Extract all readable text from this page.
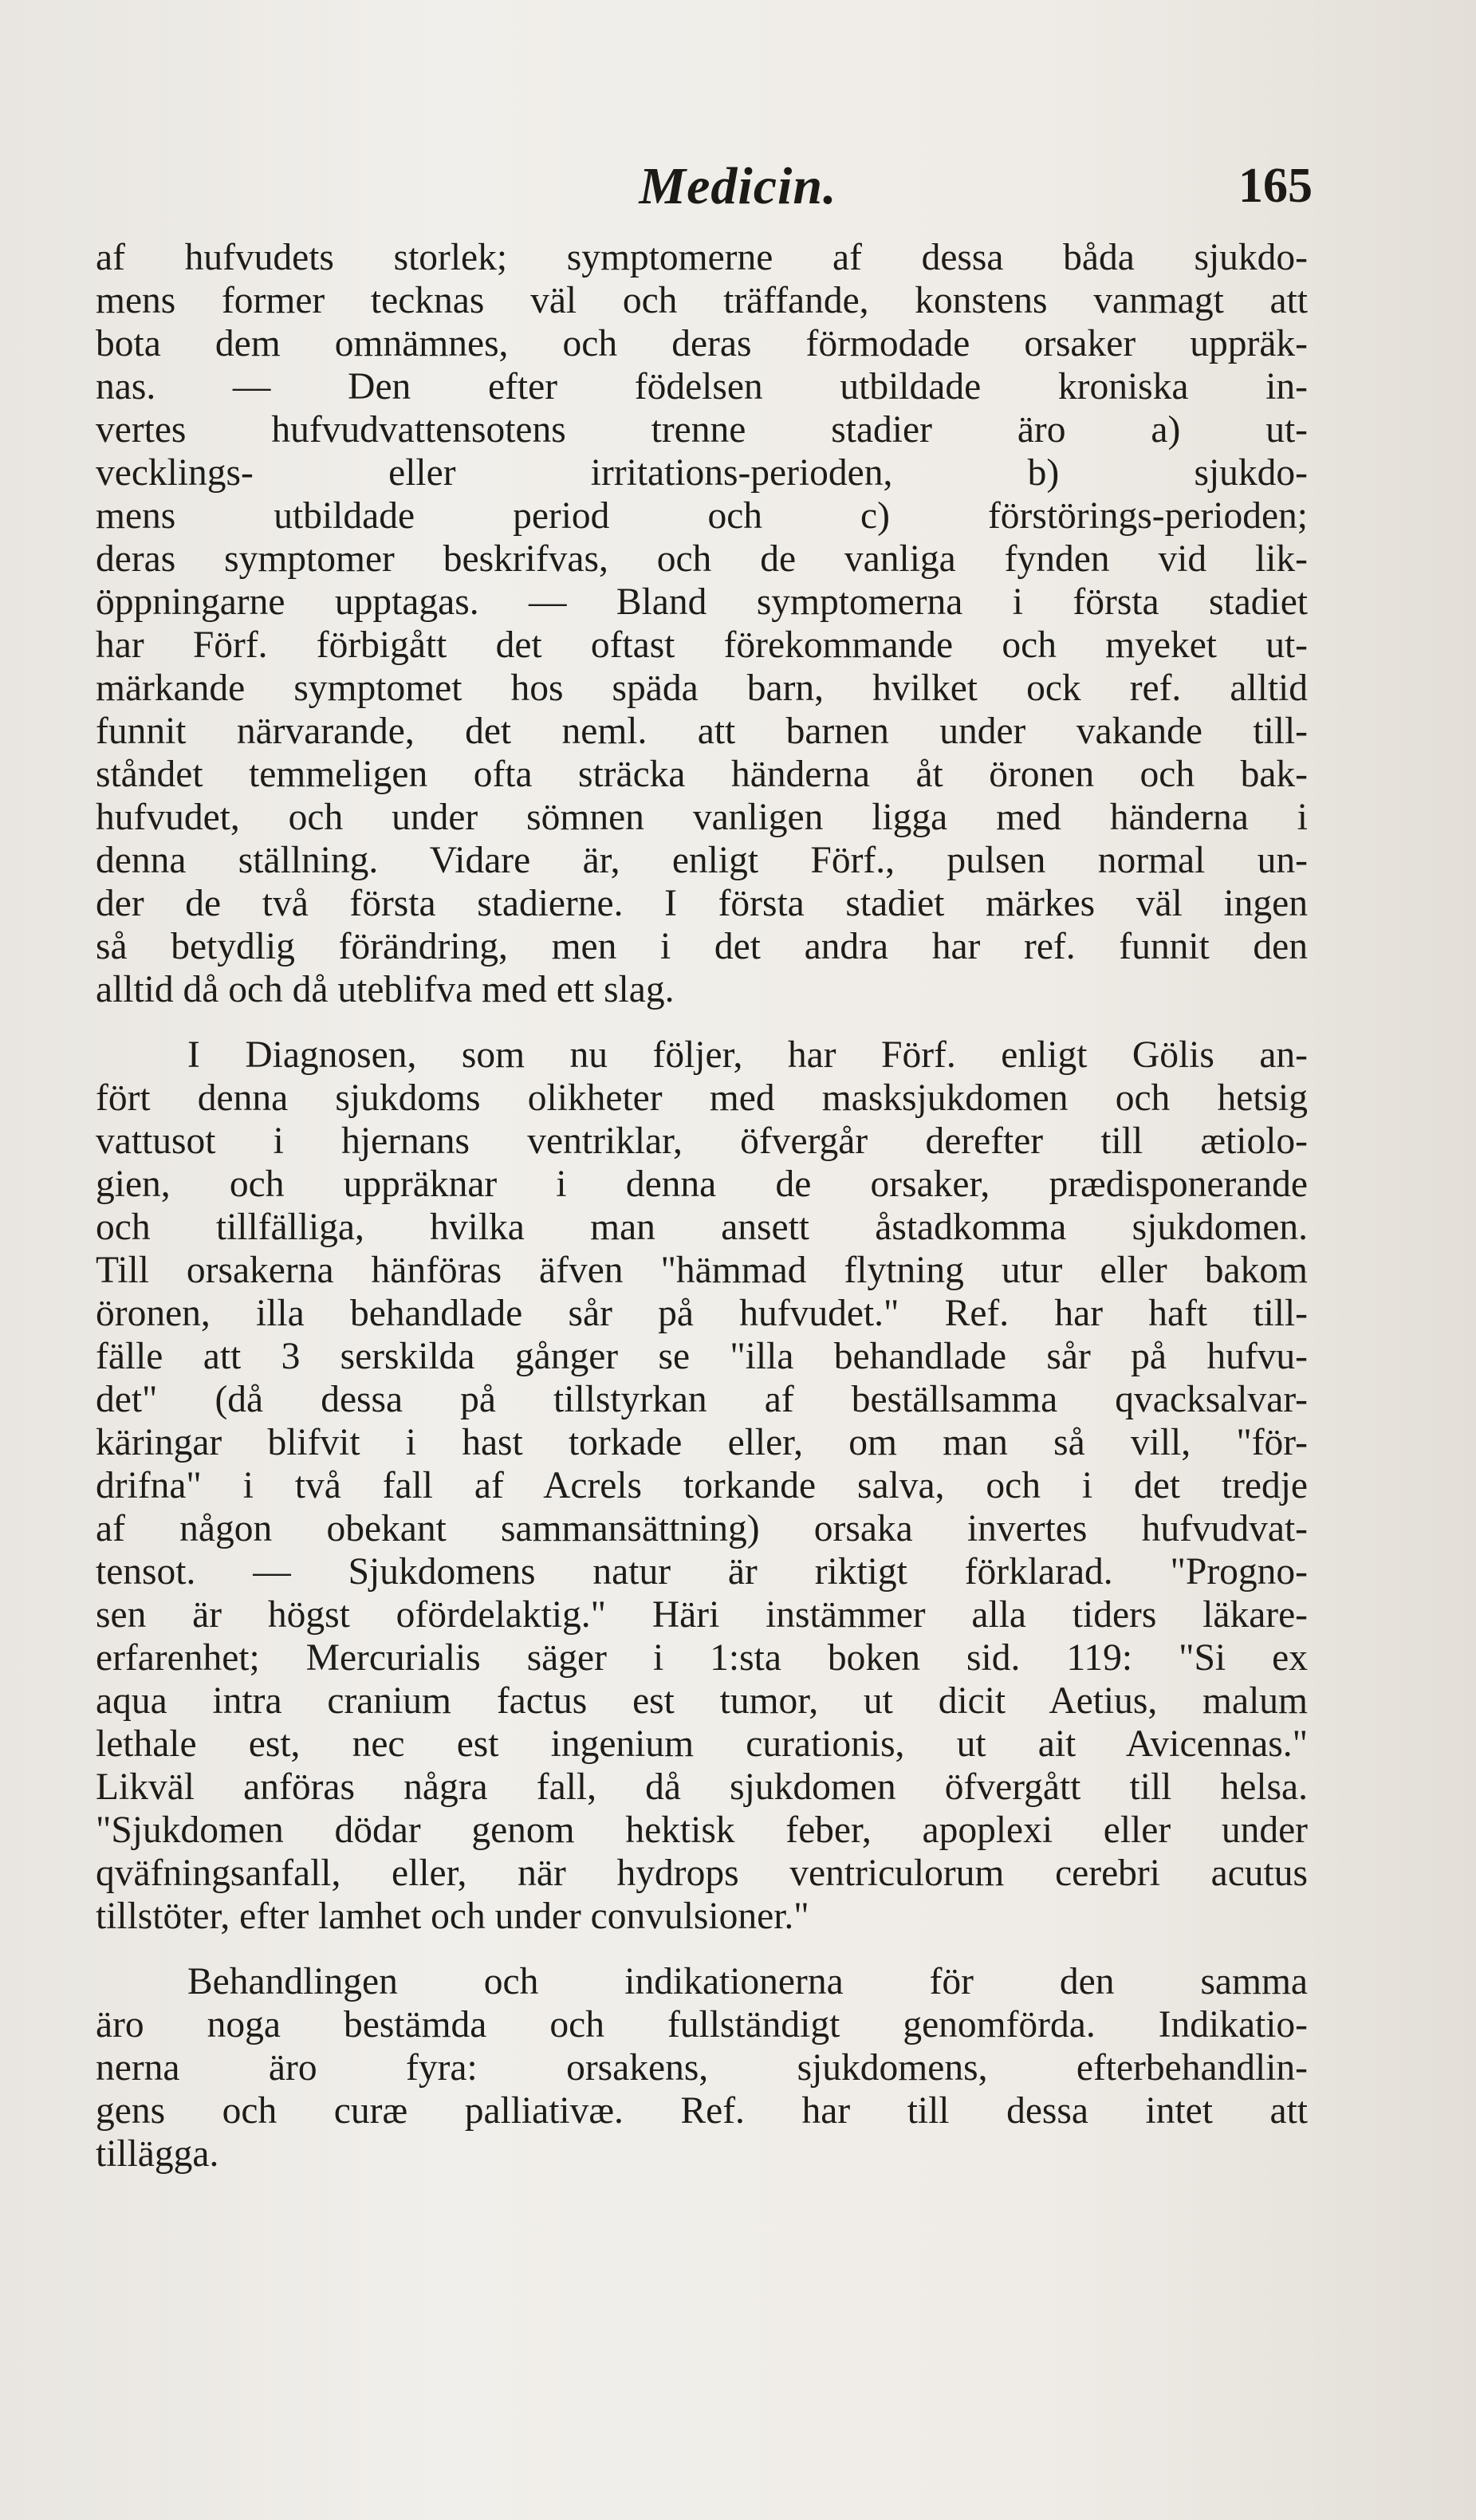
Medicin.	165
af hufvudets storlek; symptomerne af dessa båda sjukdo-
mens former tecknas väl och träffande, konstens vanmagt att
bota dem omnämnes, och deras förmodade orsaker uppräk-
nas. — Den efter födelsen utbildade kroniska in-
vertes hufvudvattensotens trenne stadier äro a) ut-
vecklings- eller irritations-perioden, b) sjukdo-
mens utbildade period och c) förstörings-perioden;
deras symptomer beskrifvas, och de vanliga fynden vid lik-
öppningarne upptagas. — Bland symptomerna i första stadiet
har Förf. förbigått det oftast förekommande och myeket ut-
märkande symptomet hos späda barn, hvilket ock ref. alltid
funnit närvarande, det neml. att barnen under vakande till-
ståndet temmeligen ofta sträcka händerna åt öronen och bak-
hufvudet, och under sömnen vanligen ligga med händerna i
denna ställning. Vidare är, enligt Förf., pulsen normal un-
der de två första stadierne. I första stadiet märkes väl ingen
så betydlig förändring, men i det andra har ref. funnit den
alltid då och då uteblifva med ett slag.
I Diagnosen, som nu följer, har Förf. enligt Gölis an-
fört denna sjukdoms olikheter med masksjukdomen och hetsig
vattusot i hjernans ventriklar, öfvergår derefter till ætiolo-
gien, och uppräknar i denna de orsaker, prædisponerande
och tillfälliga, hvilka man ansett åstadkomma sjukdomen.
Till orsakerna hänföras äfven "hämmad flytning utur eller bakom
öronen, illa behandlade sår på hufvudet." Ref. har haft till-
fälle att 3 serskilda gånger se "illa behandlade sår på hufvu-
det" (då dessa på tillstyrkan af beställsamma qvacksalvar-
käringar blifvit i hast torkade eller, om man så vill, "för-
drifna" i två fall af Acrels torkande salva, och i det tredje
af någon obekant sammansättning) orsaka invertes hufvudvat-
tensot. — Sjukdomens natur är riktigt förklarad. "Progno-
sen är högst ofördelaktig." Häri instämmer alla tiders läkare-
erfarenhet; Mercurialis säger i 1:sta boken sid. 119: "Si ex
aqua intra cranium factus est tumor, ut dicit Aetius, malum
lethale est, nec est ingenium curationis, ut ait Avicennas."
Likväl anföras några fall, då sjukdomen öfvergått till helsa.
"Sjukdomen dödar genom hektisk feber, apoplexi eller under
qväfningsanfall, eller, när hydrops ventriculorum cerebri acutus
tillstöter, efter lamhet och under convulsioner."
Behandlingen och indikationerna för den samma
äro noga bestämda och fullständigt genomförda. Indikatio-
nerna äro fyra: orsakens, sjukdomens, efterbehandlin-
gens och curæ palliativæ. Ref. har till dessa intet att
tillägga.
